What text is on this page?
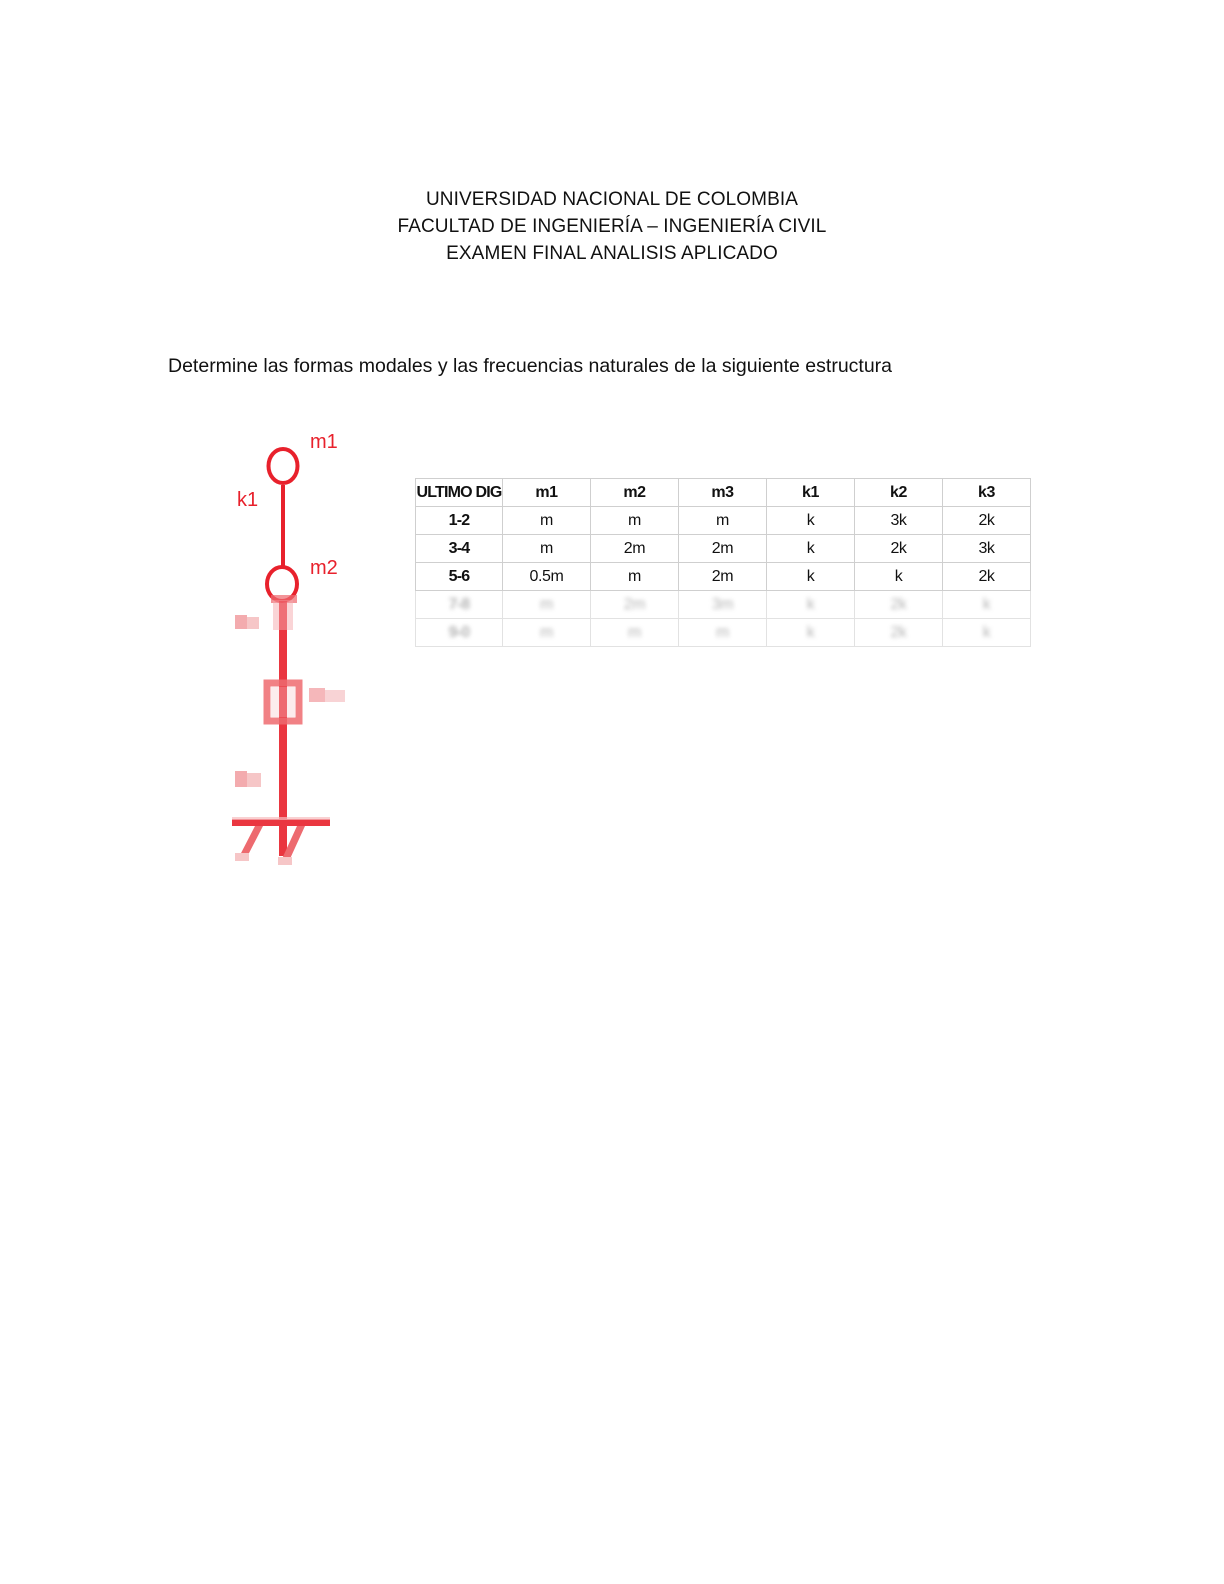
UNIVERSIDAD NACIONAL DE COLOMBIA
FACULTAD DE INGENIERÍA – INGENIERÍA CIVIL
EXAMEN FINAL ANALISIS APLICADO
Determine las formas modales y las frecuencias naturales de la siguiente estructura
m1
k1
m2
ULTIMO DIG	m1	m2	m3	k1	k2	k3
1-2	m	m	m	k	3k	2k
3-4	m	2m	2m	k	2k	3k
5-6	0.5m	m	2m	k	k	2k
7-8	m	2m	3m	k	2k	k
9-0	m	m	m	k	2k	k
